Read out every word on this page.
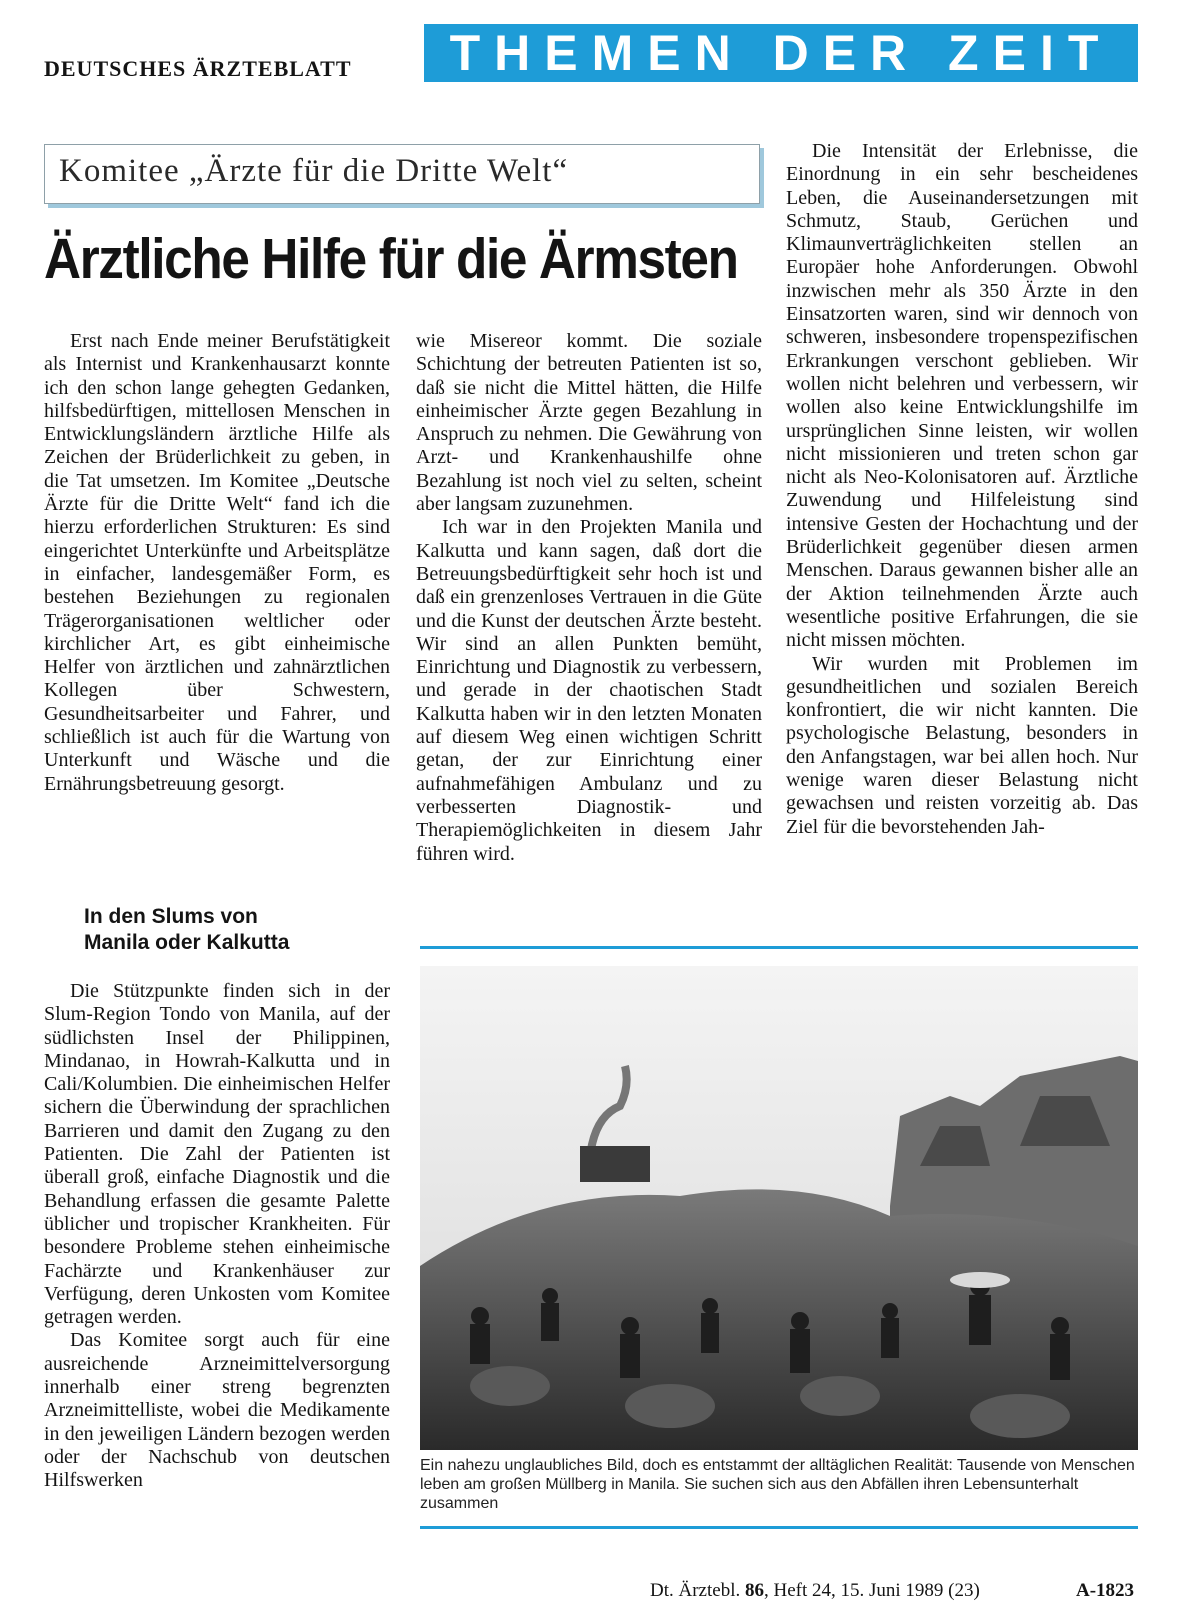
DEUTSCHES ÄRZTEBLATT	THEMEN DER ZEIT
Komitee „Ärzte für die Dritte Welt“
Ärztliche Hilfe für die Ärmsten

Erst nach Ende meiner Berufstätigkeit als Internist und Krankenhausarzt konnte ich den schon lange gehegten Gedanken, hilfsbedürftigen, mittellosen Menschen in Entwicklungsländern ärztliche Hilfe als Zeichen der Brüderlichkeit zu geben, in die Tat umsetzen. Im Komitee „Deutsche Ärzte für die Dritte Welt“ fand ich die hierzu erforderlichen Strukturen: Es sind eingerichtet Unterkünfte und Arbeitsplätze in einfacher, landesgemäßer Form, es bestehen Beziehungen zu regionalen Trägerorganisationen weltlicher oder kirchlicher Art, es gibt einheimische Helfer von ärztlichen und zahnärztlichen Kollegen über Schwestern, Gesundheitsarbeiter und Fahrer, und schließlich ist auch für die Wartung von Unterkunft und Wäsche und die Ernährungsbetreuung gesorgt.

In den Slums von
Manila oder Kalkutta

Die Stützpunkte finden sich in der Slum-Region Tondo von Manila, auf der südlichsten Insel der Philippinen, Mindanao, in Howrah-Kalkutta und in Cali/Kolumbien. Die einheimischen Helfer sichern die Überwindung der sprachlichen Barrieren und damit den Zugang zu den Patienten. Die Zahl der Patienten ist überall groß, einfache Diagnostik und die Behandlung erfassen die gesamte Palette üblicher und tropischer Krankheiten. Für besondere Probleme stehen einheimische Fachärzte und Krankenhäuser zur Verfügung, deren Unkosten vom Komitee getragen werden.

Das Komitee sorgt auch für eine ausreichende Arzneimittelversorgung innerhalb einer streng begrenzten Arzneimittelliste, wobei die Medikamente in den jeweiligen Ländern bezogen werden oder der Nachschub von deutschen Hilfswerken

wie Misereor kommt. Die soziale Schichtung der betreuten Patienten ist so, daß sie nicht die Mittel hätten, die Hilfe einheimischer Ärzte gegen Bezahlung in Anspruch zu nehmen. Die Gewährung von Arzt- und Krankenhaushilfe ohne Bezahlung ist noch viel zu selten, scheint aber langsam zuzunehmen.

Ich war in den Projekten Manila und Kalkutta und kann sagen, daß dort die Betreuungsbedürftigkeit sehr hoch ist und daß ein grenzenloses Vertrauen in die Güte und die Kunst der deutschen Ärzte besteht. Wir sind an allen Punkten bemüht, Einrichtung und Diagnostik zu verbessern, und gerade in der chaotischen Stadt Kalkutta haben wir in den letzten Monaten auf diesem Weg einen wichtigen Schritt getan, der zur Einrichtung einer aufnahmefähigen Ambulanz und zu verbesserten Diagnostik- und Therapiemöglichkeiten in diesem Jahr führen wird.

Die Intensität der Erlebnisse, die Einordnung in ein sehr bescheidenes Leben, die Auseinandersetzungen mit Schmutz, Staub, Gerüchen und Klimaunverträglichkeiten stellen an Europäer hohe Anforderungen. Obwohl inzwischen mehr als 350 Ärzte in den Einsatzorten waren, sind wir dennoch von schweren, insbesondere tropenspezifischen Erkrankungen verschont geblieben. Wir wollen nicht belehren und verbessern, wir wollen also keine Entwicklungshilfe im ursprünglichen Sinne leisten, wir wollen nicht missionieren und treten schon gar nicht als Neo-Kolonisatoren auf. Ärztliche Zuwendung und Hilfeleistung sind intensive Gesten der Hochachtung und der Brüderlichkeit gegenüber diesen armen Menschen. Daraus gewannen bisher alle an der Aktion teilnehmenden Ärzte auch wesentliche positive Erfahrungen, die sie nicht missen möchten.

Wir wurden mit Problemen im gesundheitlichen und sozialen Bereich konfrontiert, die wir nicht kannten. Die psychologische Belastung, besonders in den Anfangstagen, war bei allen hoch. Nur wenige waren dieser Belastung nicht gewachsen und reisten vorzeitig ab. Das Ziel für die bevorstehenden Jah-

Ein nahezu unglaubliches Bild, doch es entstammt der alltäglichen Realität: Tausende von Menschen leben am großen Müllberg in Manila. Sie suchen sich aus den Abfällen ihren Lebensunterhalt zusammen
Dt. Ärztebl. 86, Heft 24, 15. Juni 1989 (23)	A-1823
